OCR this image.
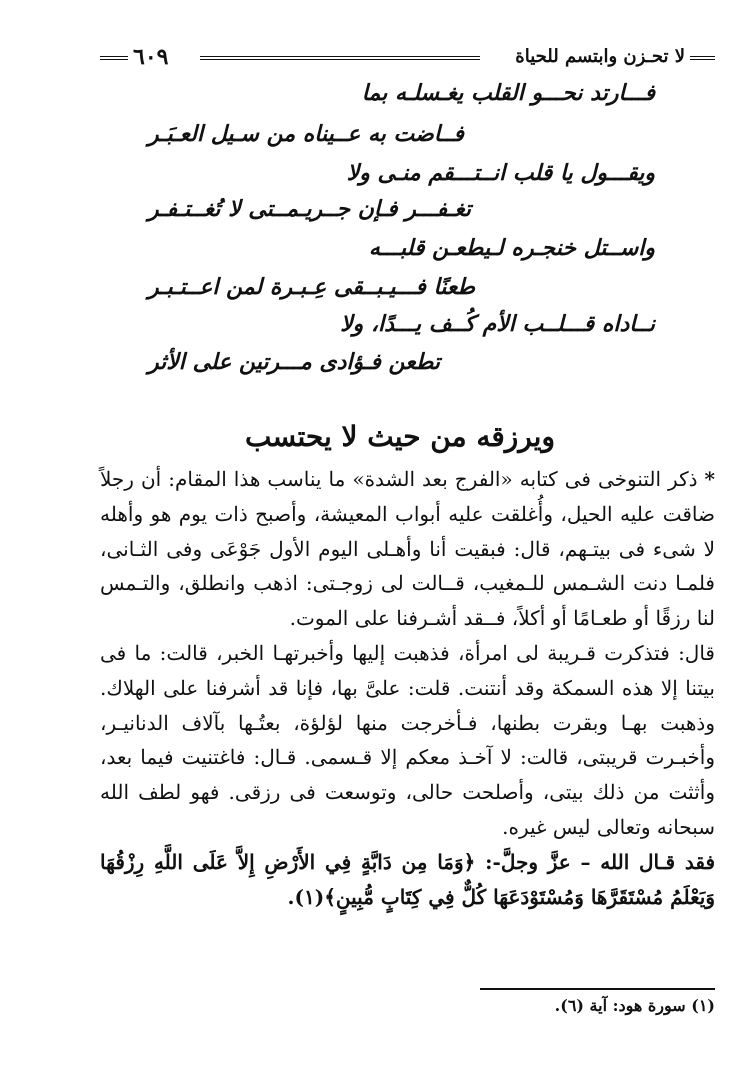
٦٠٩	لا تحـزن وابتسم للحياة
فـــارتد نحـــو القلب يغـسلـه بما
فــاضت به عــيناه من سـيل العـبَـر
ويقـــول يا قلب انــتـــقم منـى ولا
تغـفـــر فـإن جــريـمــتى لا تُغــتـفـر
واســتل خنجـره لـيطعـن قلبـــه
طعنًا فـــيـبــقى عِـبـرة لمن اعــتـبـر
نــاداه قـــلــب الأم كُــف يـــدًا، ولا
تطعن فـؤادى مـــرتين على الأثر
ويرزقه من حيث لا يحتسب

* ذكر التنوخى فى كتابه «الفرج بعد الشدة» ما يناسب هذا المقام: أن رجلاً ضاقت عليه الحيل، وأُغلقت عليه أبواب المعيشة، وأصبح ذات يوم هو وأهله لا شىء فى بيتـهم، قال: فبقيت أنا وأهـلى اليوم الأول جَوْعَى وفى الثـانى، فلمـا دنت الشـمس للـمغيب، قــالت لى زوجـتى: اذهب وانطلق، والتـمس لنا رزقًا أو طعـامًا أو أكلاً، فــقد أشـرفنا على الموت.

قال: فتذكرت قـريبة لى امرأة، فذهبت إليها وأخبرتهـا الخبر، قالت: ما فى بيتنا إلا هذه السمكة وقد أنتنت. قلت: علىَّ بها، فإنا قد أشرفنا على الهلاك. وذهبت بهـا وبقرت بطنها، فـأخرجت منها لؤلؤة، بعتُـها بآلاف الدنانيـر، وأخبـرت قريبتى، قالت: لا آخـذ معكم إلا قـسمى. قـال: فاغتنيت فيما بعد، وأثثت من ذلك بيتى، وأصلحت حالى، وتوسعت فى رزقى. فهو لطف الله سبحانه وتعالى ليس غيره.

فقد قـال الله – عزَّ وجلَّ-: ﴿وَمَا مِن دَابَّةٍ فِي الأَرْضِ إِلاَّ عَلَى اللَّهِ رِزْقُهَا وَيَعْلَمُ مُسْتَقَرَّهَا وَمُسْتَوْدَعَهَا كُلٌّ فِي كِتَابٍ مُّبِينٍ﴾(١).

(١) سورة هود: آية (٦).
